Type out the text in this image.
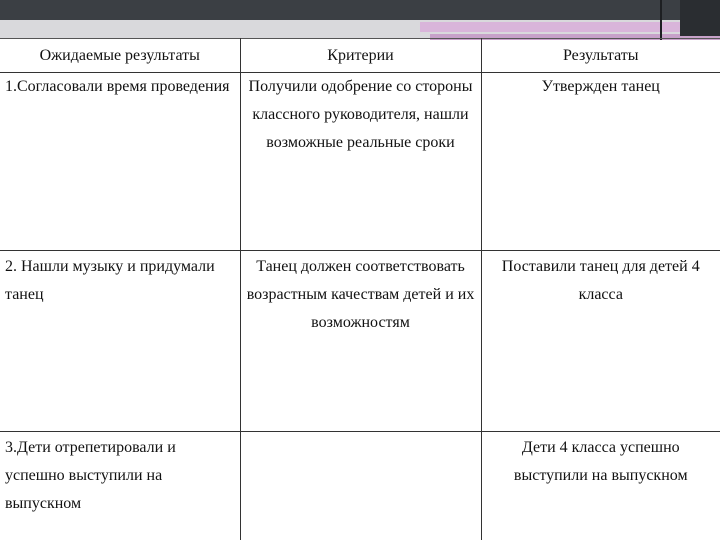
Ожидаемые результаты	Критерии	Результаты
1.Согласовали время проведения	Получили одобрение со стороны классного руководителя, нашли возможные реальные сроки	Утвержден танец
2. Нашли музыку и придумали танец	Танец должен соответствовать возрастным качествам детей и их возможностям	Поставили танец для детей 4 класса
3.Дети отрепетировали и успешно выступили на выпускном		Дети 4 класса успешно выступили на выпускном
